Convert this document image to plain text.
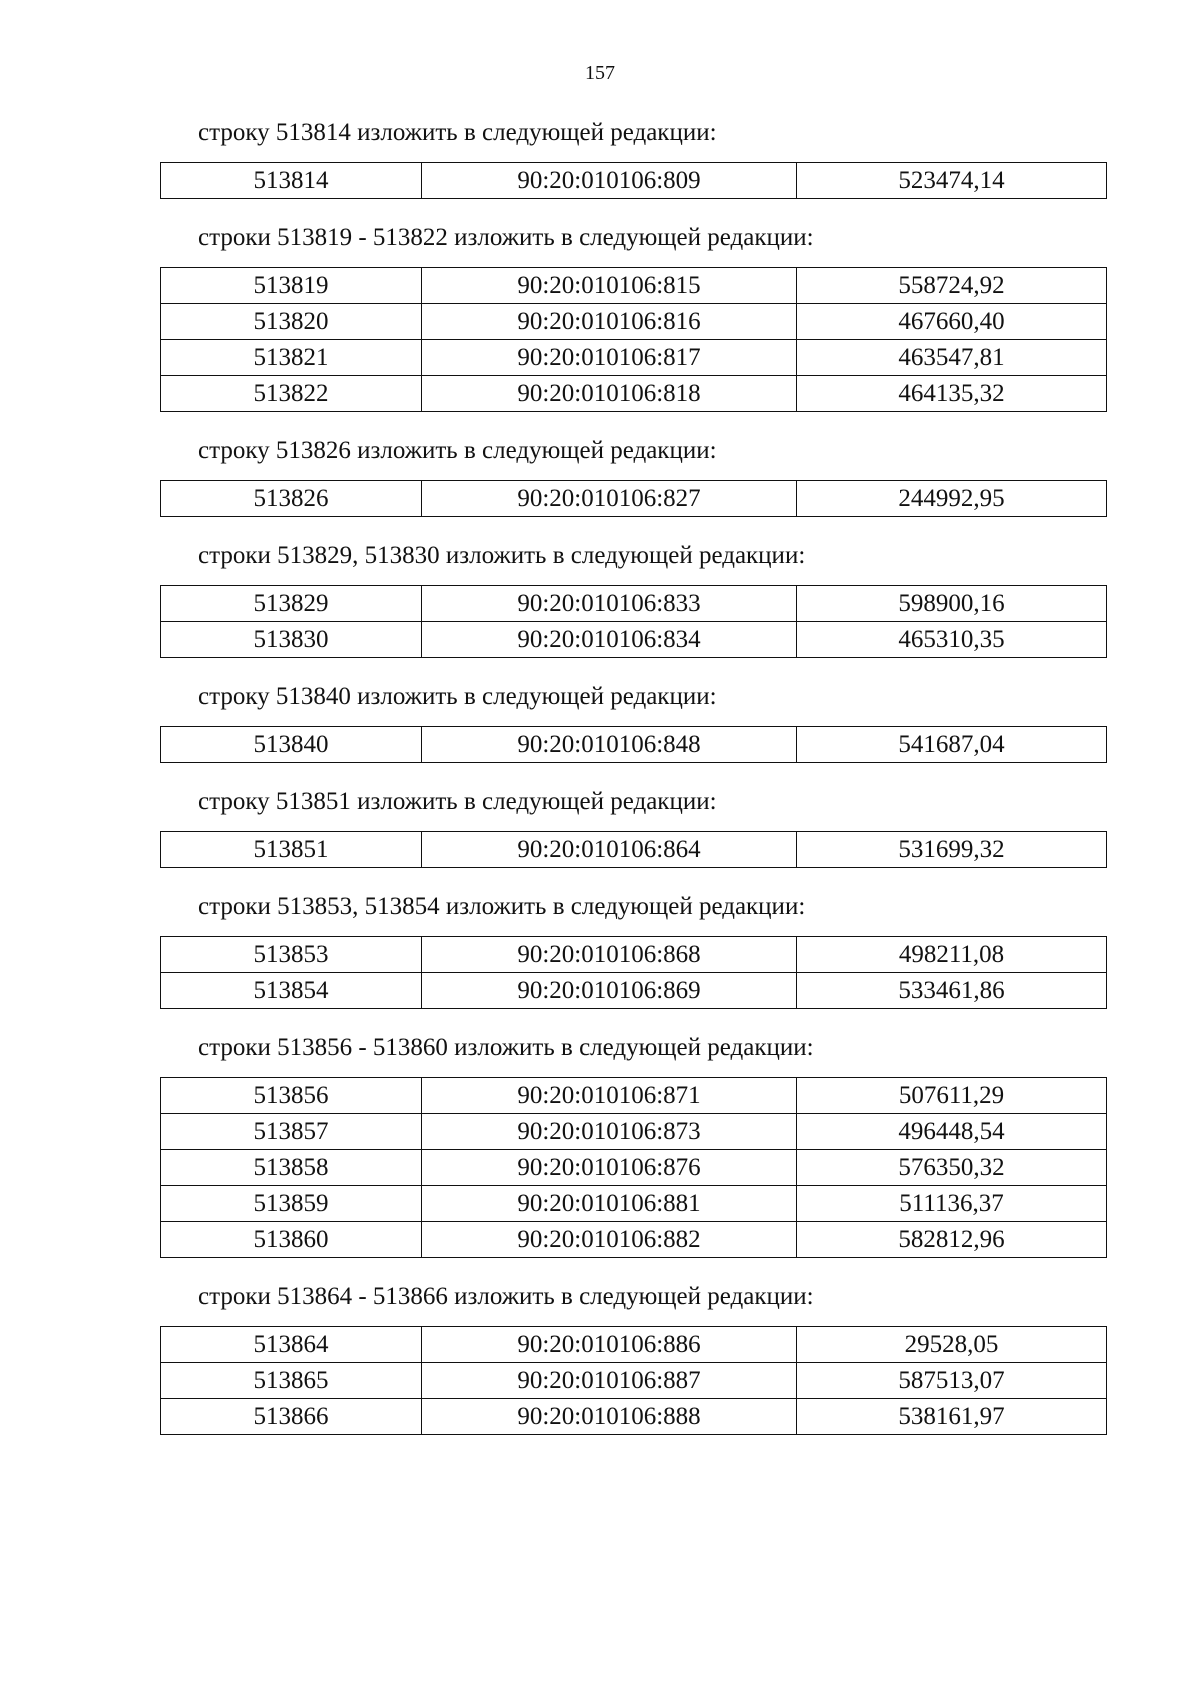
157

строку 513814 изложить в следующей редакции:

513814	90:20:010106:809	523474,14

строки 513819 - 513822 изложить в следующей редакции:

513819	90:20:010106:815	558724,92
513820	90:20:010106:816	467660,40
513821	90:20:010106:817	463547,81
513822	90:20:010106:818	464135,32

строку 513826 изложить в следующей редакции:

513826	90:20:010106:827	244992,95

строки 513829, 513830 изложить в следующей редакции:

513829	90:20:010106:833	598900,16
513830	90:20:010106:834	465310,35

строку 513840 изложить в следующей редакции:

513840	90:20:010106:848	541687,04

строку 513851 изложить в следующей редакции:

513851	90:20:010106:864	531699,32

строки 513853, 513854 изложить в следующей редакции:

513853	90:20:010106:868	498211,08
513854	90:20:010106:869	533461,86

строки 513856 - 513860 изложить в следующей редакции:

513856	90:20:010106:871	507611,29
513857	90:20:010106:873	496448,54
513858	90:20:010106:876	576350,32
513859	90:20:010106:881	511136,37
513860	90:20:010106:882	582812,96

строки 513864 - 513866 изложить в следующей редакции:

513864	90:20:010106:886	29528,05
513865	90:20:010106:887	587513,07
513866	90:20:010106:888	538161,97
